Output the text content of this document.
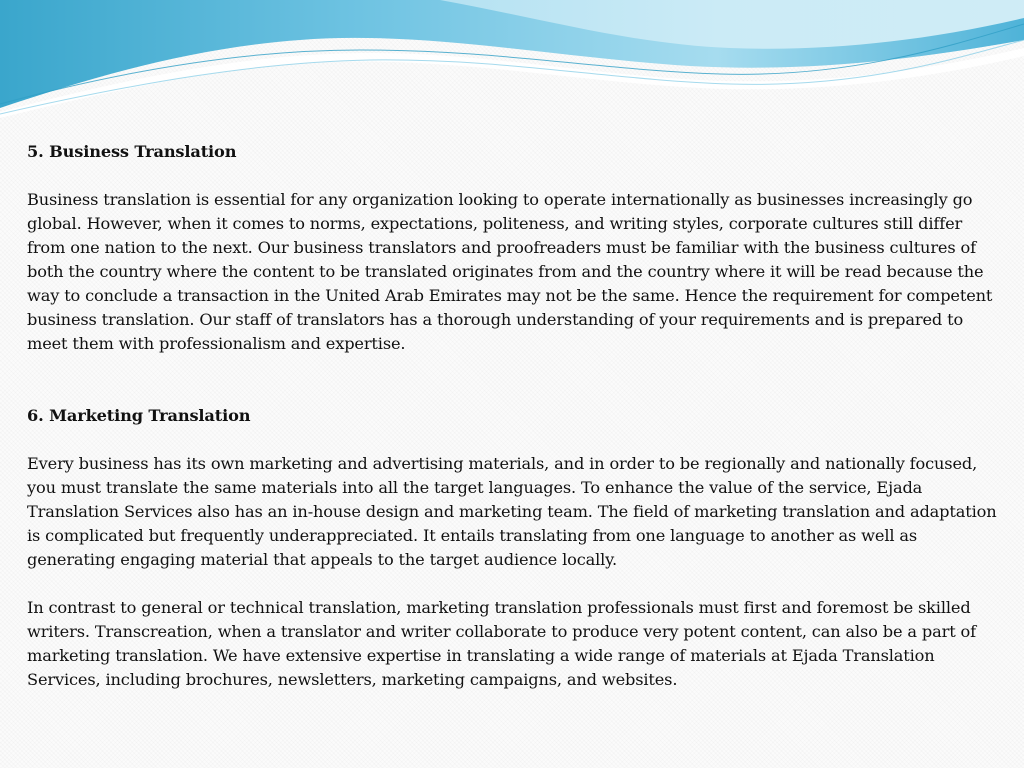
5. Business Translation

Business translation is essential for any organization looking to operate internationally as businesses increasingly go global. However, when it comes to norms, expectations, politeness, and writing styles, corporate cultures still differ from one nation to the next. Our business translators and proofreaders must be familiar with the business cultures of both the country where the content to be translated originates from and the country where it will be read because the way to conclude a transaction in the United Arab Emirates may not be the same. Hence the requirement for competent business translation. Our staff of translators has a thorough understanding of your requirements and is prepared to meet them with professionalism and expertise.

6. Marketing Translation

Every business has its own marketing and advertising materials, and in order to be regionally and nationally focused, you must translate the same materials into all the target languages. To enhance the value of the service, Ejada Translation Services also has an in-house design and marketing team. The field of marketing translation and adaptation is complicated but frequently underappreciated. It entails translating from one language to another as well as generating engaging material that appeals to the target audience locally.

In contrast to general or technical translation, marketing translation professionals must first and foremost be skilled writers. Transcreation, when a translator and writer collaborate to produce very potent content, can also be a part of marketing translation. We have extensive expertise in translating a wide range of materials at Ejada Translation Services, including brochures, newsletters, marketing campaigns, and websites.
